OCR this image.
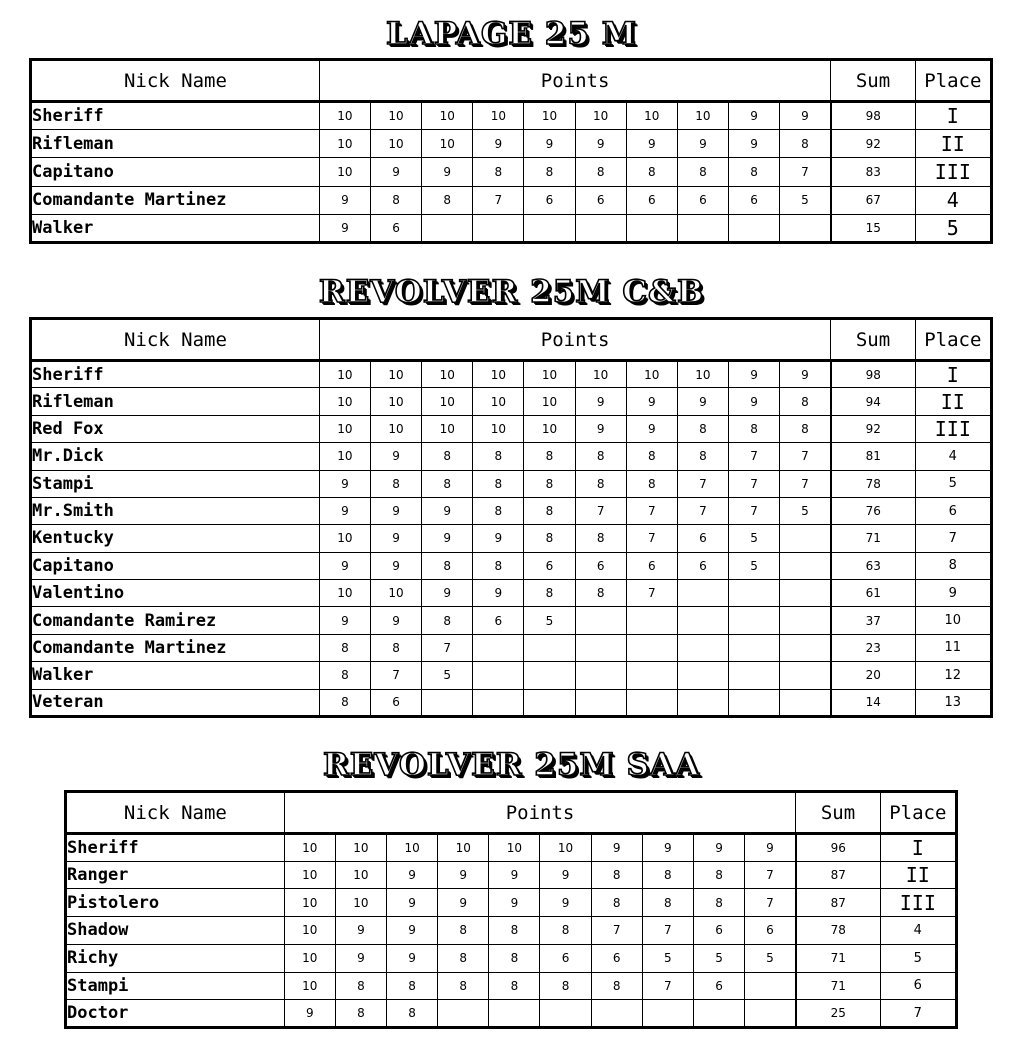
LAPAGE 25 M
Nick Name	Points										Sum	Place
Sheriff	10	10	10	10	10	10	10	10	9	9	98	I
Rifleman	10	10	10	9	9	9	9	9	9	8	92	II
Capitano	10	9	9	8	8	8	8	8	8	7	83	III
Comandante Martinez	9	8	8	7	6	6	6	6	6	5	67	4
Walker	9	6									15	5
REVOLVER 25M C&B
Nick Name	Points										Sum	Place
Sheriff	10	10	10	10	10	10	10	10	9	9	98	I
Rifleman	10	10	10	10	10	9	9	9	9	8	94	II
Red Fox	10	10	10	10	10	9	9	8	8	8	92	III
Mr.Dick	10	9	8	8	8	8	8	8	7	7	81	4
Stampi	9	8	8	8	8	8	8	7	7	7	78	5
Mr.Smith	9	9	9	8	8	7	7	7	7	5	76	6
Kentucky	10	9	9	9	8	8	7	6	5		71	7
Capitano	9	9	8	8	6	6	6	6	5		63	8
Valentino	10	10	9	9	8	8	7				61	9
Comandante Ramirez	9	9	8	6	5						37	10
Comandante Martinez	8	8	7								23	11
Walker	8	7	5								20	12
Veteran	8	6									14	13
REVOLVER 25M SAA
Nick Name	Points										Sum	Place
Sheriff	10	10	10	10	10	10	9	9	9	9	96	I
Ranger	10	10	9	9	9	9	8	8	8	7	87	II
Pistolero	10	10	9	9	9	9	8	8	8	7	87	III
Shadow	10	9	9	8	8	8	7	7	6	6	78	4
Richy	10	9	9	8	8	6	6	5	5	5	71	5
Stampi	10	8	8	8	8	8	8	7	6		71	6
Doctor	9	8	8								25	7
